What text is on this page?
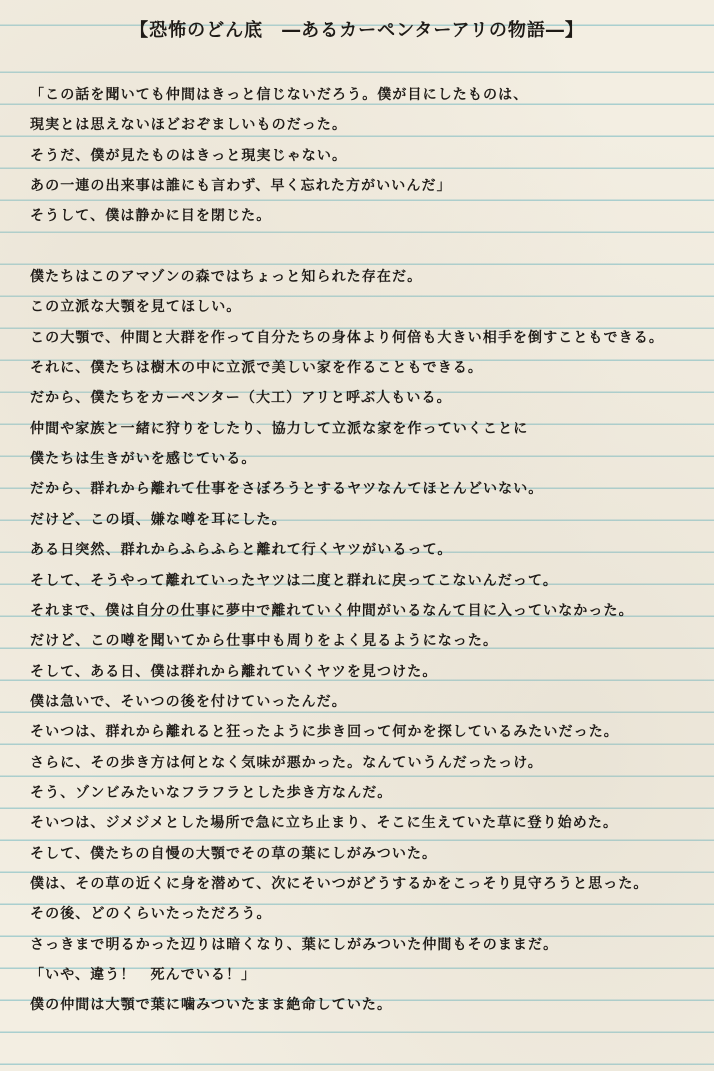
【恐怖のどん底　―あるカーペンターアリの物語―】
「この話を聞いても仲間はきっと信じないだろう。僕が目にしたものは、
現実とは思えないほどおぞましいものだった。
そうだ、僕が見たものはきっと現実じゃない。
あの一連の出来事は誰にも言わず、早く忘れた方がいいんだ」
そうして、僕は静かに目を閉じた。
僕たちはこのアマゾンの森ではちょっと知られた存在だ。
この立派な大顎を見てほしい。
この大顎で、仲間と大群を作って自分たちの身体より何倍も大きい相手を倒すこともできる。
それに、僕たちは樹木の中に立派で美しい家を作ることもできる。
だから、僕たちをカーペンター（大工）アリと呼ぶ人もいる。
仲間や家族と一緒に狩りをしたり、協力して立派な家を作っていくことに
僕たちは生きがいを感じている。
だから、群れから離れて仕事をさぼろうとするヤツなんてほとんどいない。
だけど、この頃、嫌な噂を耳にした。
ある日突然、群れからふらふらと離れて行くヤツがいるって。
そして、そうやって離れていったヤツは二度と群れに戻ってこないんだって。
それまで、僕は自分の仕事に夢中で離れていく仲間がいるなんて目に入っていなかった。
だけど、この噂を聞いてから仕事中も周りをよく見るようになった。
そして、ある日、僕は群れから離れていくヤツを見つけた。
僕は急いで、そいつの後を付けていったんだ。
そいつは、群れから離れると狂ったように歩き回って何かを探しているみたいだった。
さらに、その歩き方は何となく気味が悪かった。なんていうんだったっけ。
そう、ゾンビみたいなフラフラとした歩き方なんだ。
そいつは、ジメジメとした場所で急に立ち止まり、そこに生えていた草に登り始めた。
そして、僕たちの自慢の大顎でその草の葉にしがみついた。
僕は、その草の近くに身を潜めて、次にそいつがどうするかをこっそり見守ろうと思った。
その後、どのくらいたっただろう。
さっきまで明るかった辺りは暗くなり、葉にしがみついた仲間もそのままだ。
「いや、違う！　死んでいる！」
僕の仲間は大顎で葉に噛みついたまま絶命していた。
